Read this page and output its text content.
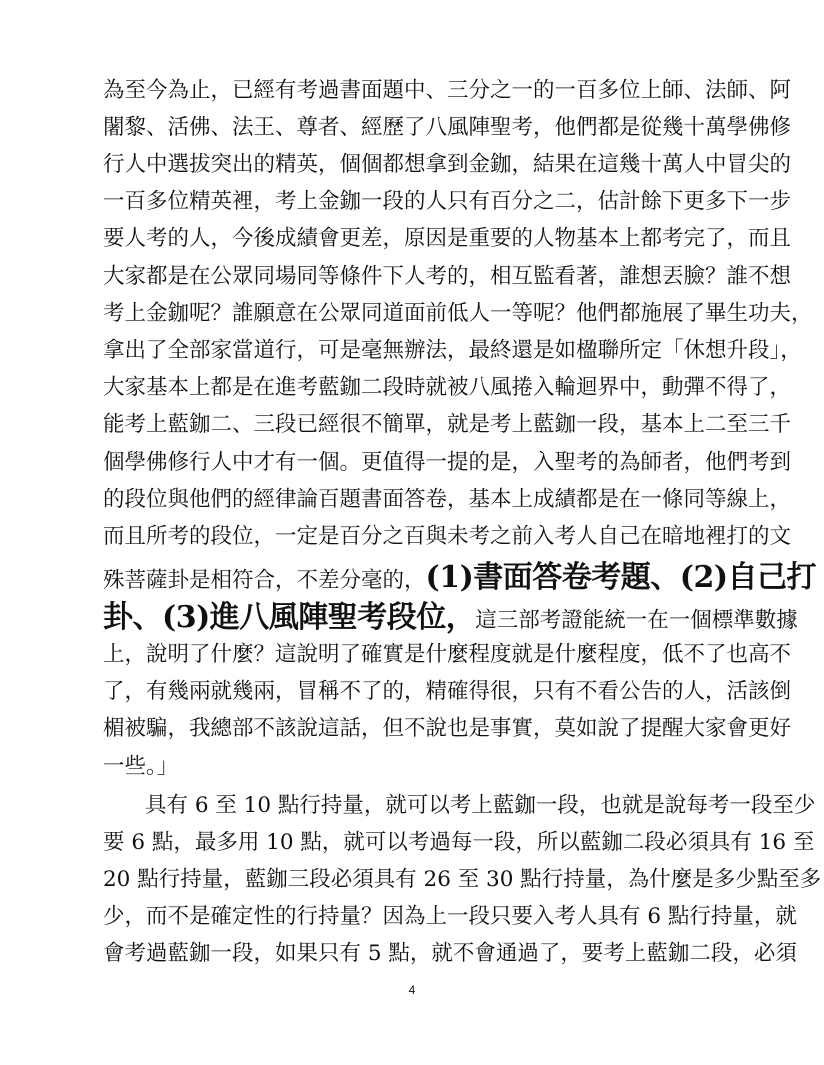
為至今為止，已經有考過書面題中、三分之一的一百多位上師、法師、阿
闍黎、活佛、法王、尊者、經歷了八風陣聖考，他們都是從幾十萬學佛修
行人中選拔突出的精英，個個都想拿到金鉫，結果在這幾十萬人中冒尖的
一百多位精英裡，考上金鉫一段的人只有百分之二，估計餘下更多下一步
要人考的人，今後成績會更差，原因是重要的人物基本上都考完了，而且
大家都是在公眾同場同等條件下人考的，相互監看著，誰想丟臉？誰不想
考上金鉫呢？誰願意在公眾同道面前低人一等呢？他們都施展了畢生功夫，
拿出了全部家當道行，可是毫無辦法，最終還是如楹聯所定「休想升段」，
大家基本上都是在進考藍鉫二段時就被八風捲入輪迴界中，動彈不得了，
能考上藍鉫二、三段已經很不簡單，就是考上藍鉫一段，基本上二至三千
個學佛修行人中才有一個。更值得一提的是，入聖考的為師者，他們考到
的段位與他們的經律論百題書面答卷，基本上成績都是在一條同等線上，
而且所考的段位，一定是百分之百與未考之前入考人自己在暗地裡打的文
殊菩薩卦是相符合，不差分毫的，(1)書面答卷考題、(2)自己打
卦、(3)進八風陣聖考段位，這三部考證能統一在一個標準數據
上，說明了什麼？這說明了確實是什麼程度就是什麼程度，低不了也高不
了，有幾兩就幾兩，冒稱不了的，精確得很，只有不看公告的人，活該倒
楣被騙，我總部不該說這話，但不說也是事實，莫如說了提醒大家會更好
一些。」
具有 6 至 10 點行持量，就可以考上藍鉫一段，也就是說每考一段至少
要 6 點，最多用 10 點，就可以考過每一段，所以藍鉫二段必須具有 16 至
20 點行持量，藍鉫三段必須具有 26 至 30 點行持量，為什麼是多少點至多
少，而不是確定性的行持量？因為上一段只要入考人具有 6 點行持量，就
會考過藍鉫一段，如果只有 5 點，就不會通過了，要考上藍鉫二段，必須
4
